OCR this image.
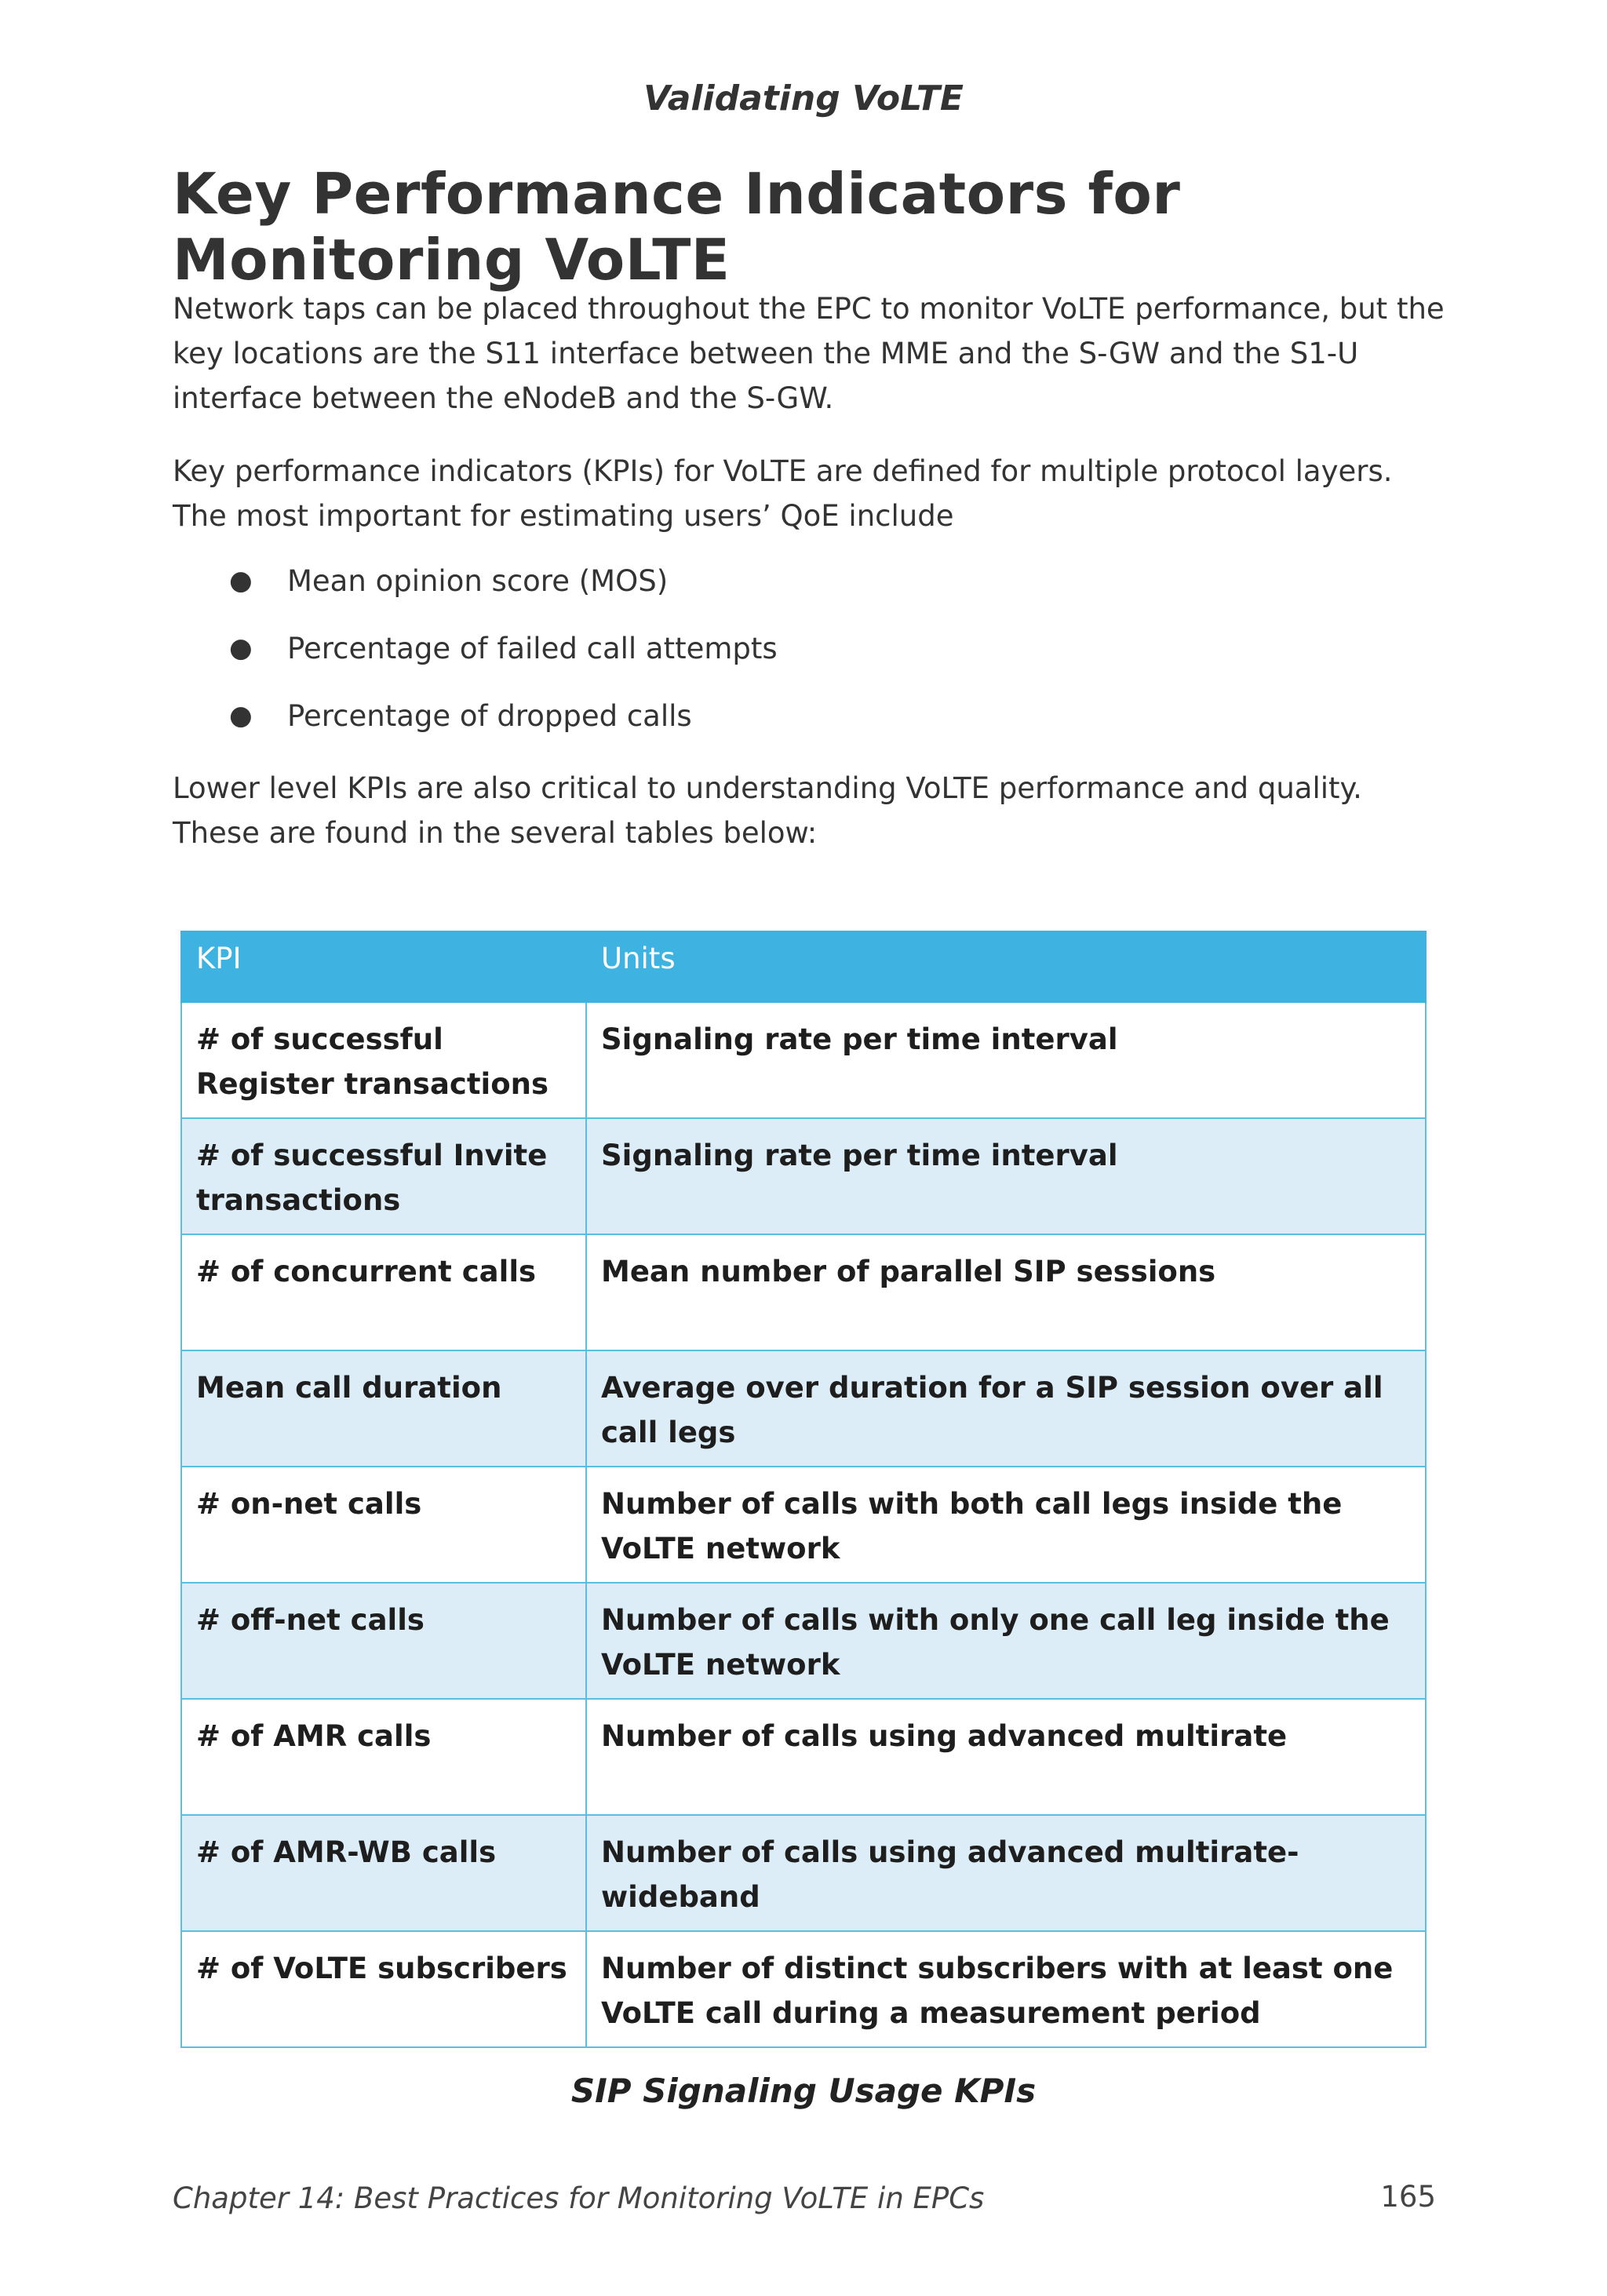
Validating VoLTE
Key Performance Indicators for Monitoring VoLTE

Network taps can be placed throughout the EPC to monitor VoLTE performance, but the key locations are the S11 interface between the MME and the S-GW and the S1-U interface between the eNodeB and the S-GW.

Key performance indicators (KPIs) for VoLTE are defined for multiple protocol layers. The most important for estimating users’ QoE include

● Mean opinion score (MOS)
● Percentage of failed call attempts
● Percentage of dropped calls

Lower level KPIs are also critical to understanding VoLTE performance and quality. These are found in the several tables below:

KPI	Units
# of successful Register transactions	Signaling rate per time interval
# of successful Invite transactions	Signaling rate per time interval
# of concurrent calls	Mean number of parallel SIP sessions
Mean call duration	Average over duration for a SIP session over all call legs
# on-net calls	Number of calls with both call legs inside the VoLTE network
# off-net calls	Number of calls with only one call leg inside the VoLTE network
# of AMR calls	Number of calls using advanced multirate
# of AMR-WB calls	Number of calls using advanced multirate-wideband
# of VoLTE subscribers	Number of distinct subscribers with at least one VoLTE call during a measurement period
SIP Signaling Usage KPIs
Chapter 14: Best Practices for Monitoring VoLTE in EPCs	165
